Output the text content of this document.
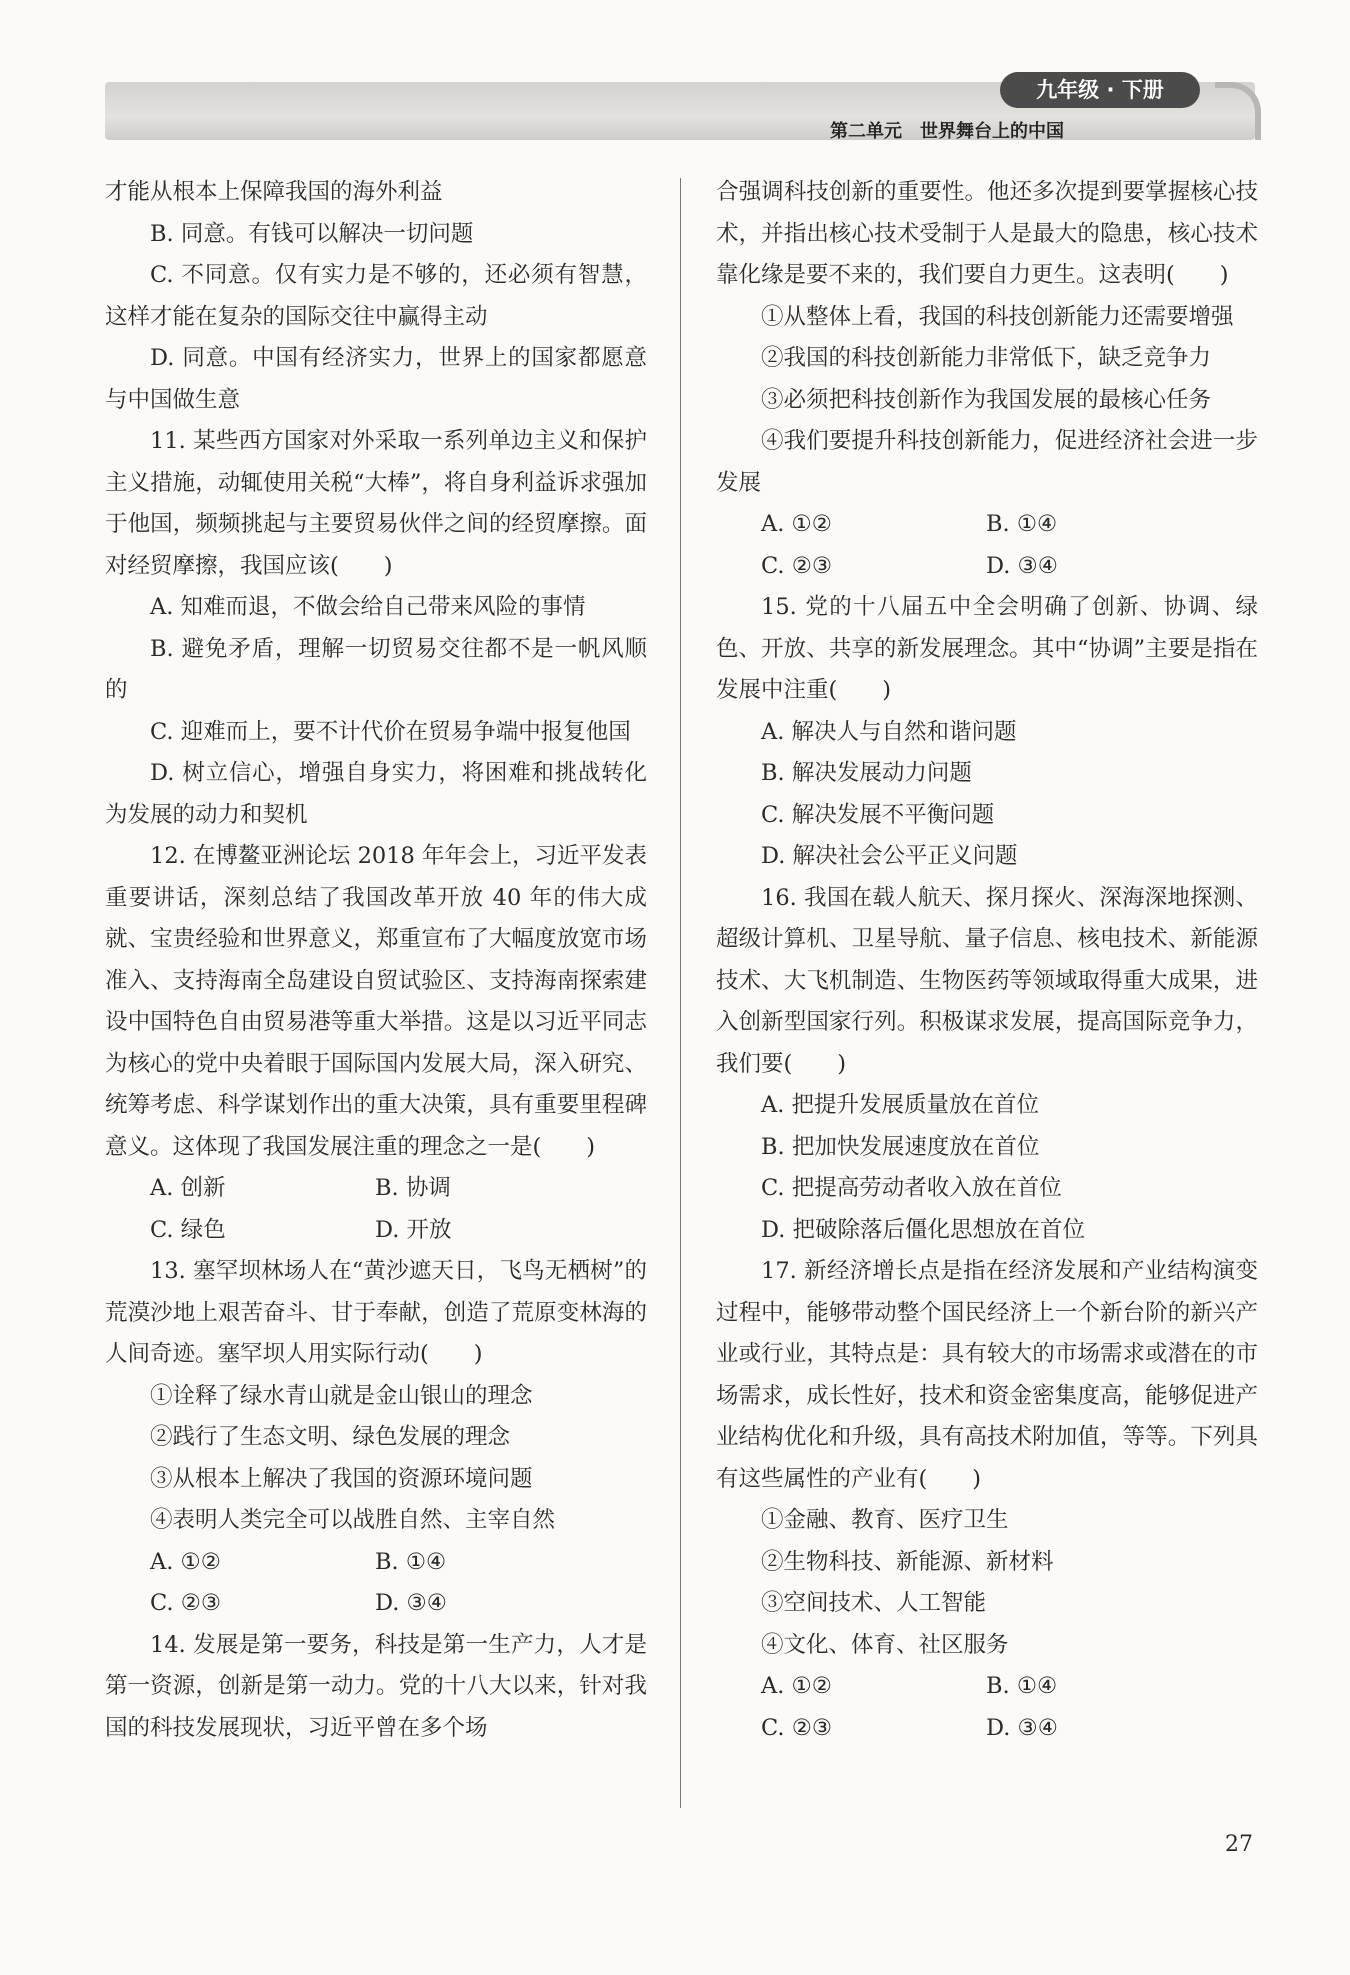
九年级 · 下册
第二单元　世界舞台上的中国

才能从根本上保障我国的海外利益

B. 同意。有钱可以解决一切问题

C. 不同意。仅有实力是不够的，还必须有智慧，这样才能在复杂的国际交往中赢得主动

D. 同意。中国有经济实力，世界上的国家都愿意与中国做生意

11. 某些西方国家对外采取一系列单边主义和保护主义措施，动辄使用关税“大棒”，将自身利益诉求强加于他国，频频挑起与主要贸易伙伴之间的经贸摩擦。面对经贸摩擦，我国应该(　　)

A. 知难而退，不做会给自己带来风险的事情

B. 避免矛盾，理解一切贸易交往都不是一帆风顺的

C. 迎难而上，要不计代价在贸易争端中报复他国

D. 树立信心，增强自身实力，将困难和挑战转化为发展的动力和契机

12. 在博鳌亚洲论坛 2018 年年会上，习近平发表重要讲话，深刻总结了我国改革开放 40 年的伟大成就、宝贵经验和世界意义，郑重宣布了大幅度放宽市场准入、支持海南全岛建设自贸试验区、支持海南探索建设中国特色自由贸易港等重大举措。这是以习近平同志为核心的党中央着眼于国际国内发展大局，深入研究、统筹考虑、科学谋划作出的重大决策，具有重要里程碑意义。这体现了我国发展注重的理念之一是(　　)

A. 创新	B. 协调
C. 绿色	D. 开放

13. 塞罕坝林场人在“黄沙遮天日，飞鸟无栖树”的荒漠沙地上艰苦奋斗、甘于奉献，创造了荒原变林海的人间奇迹。塞罕坝人用实际行动(　　)

①诠释了绿水青山就是金山银山的理念

②践行了生态文明、绿色发展的理念

③从根本上解决了我国的资源环境问题

④表明人类完全可以战胜自然、主宰自然

A. ①②	B. ①④
C. ②③	D. ③④

14. 发展是第一要务，科技是第一生产力，人才是第一资源，创新是第一动力。党的十八大以来，针对我国的科技发展现状，习近平曾在多个场

合强调科技创新的重要性。他还多次提到要掌握核心技术，并指出核心技术受制于人是最大的隐患，核心技术靠化缘是要不来的，我们要自力更生。这表明(　　)

①从整体上看，我国的科技创新能力还需要增强

②我国的科技创新能力非常低下，缺乏竞争力

③必须把科技创新作为我国发展的最核心任务

④我们要提升科技创新能力，促进经济社会进一步发展

A. ①②	B. ①④
C. ②③	D. ③④

15. 党的十八届五中全会明确了创新、协调、绿色、开放、共享的新发展理念。其中“协调”主要是指在发展中注重(　　)

A. 解决人与自然和谐问题

B. 解决发展动力问题

C. 解决发展不平衡问题

D. 解决社会公平正义问题

16. 我国在载人航天、探月探火、深海深地探测、超级计算机、卫星导航、量子信息、核电技术、新能源技术、大飞机制造、生物医药等领域取得重大成果，进入创新型国家行列。积极谋求发展，提高国际竞争力，我们要(　　)

A. 把提升发展质量放在首位

B. 把加快发展速度放在首位

C. 把提高劳动者收入放在首位

D. 把破除落后僵化思想放在首位

17. 新经济增长点是指在经济发展和产业结构演变过程中，能够带动整个国民经济上一个新台阶的新兴产业或行业，其特点是：具有较大的市场需求或潜在的市场需求，成长性好，技术和资金密集度高，能够促进产业结构优化和升级，具有高技术附加值，等等。下列具有这些属性的产业有(　　)

①金融、教育、医疗卫生

②生物科技、新能源、新材料

③空间技术、人工智能

④文化、体育、社区服务

A. ①②	B. ①④
C. ②③	D. ③④
27
